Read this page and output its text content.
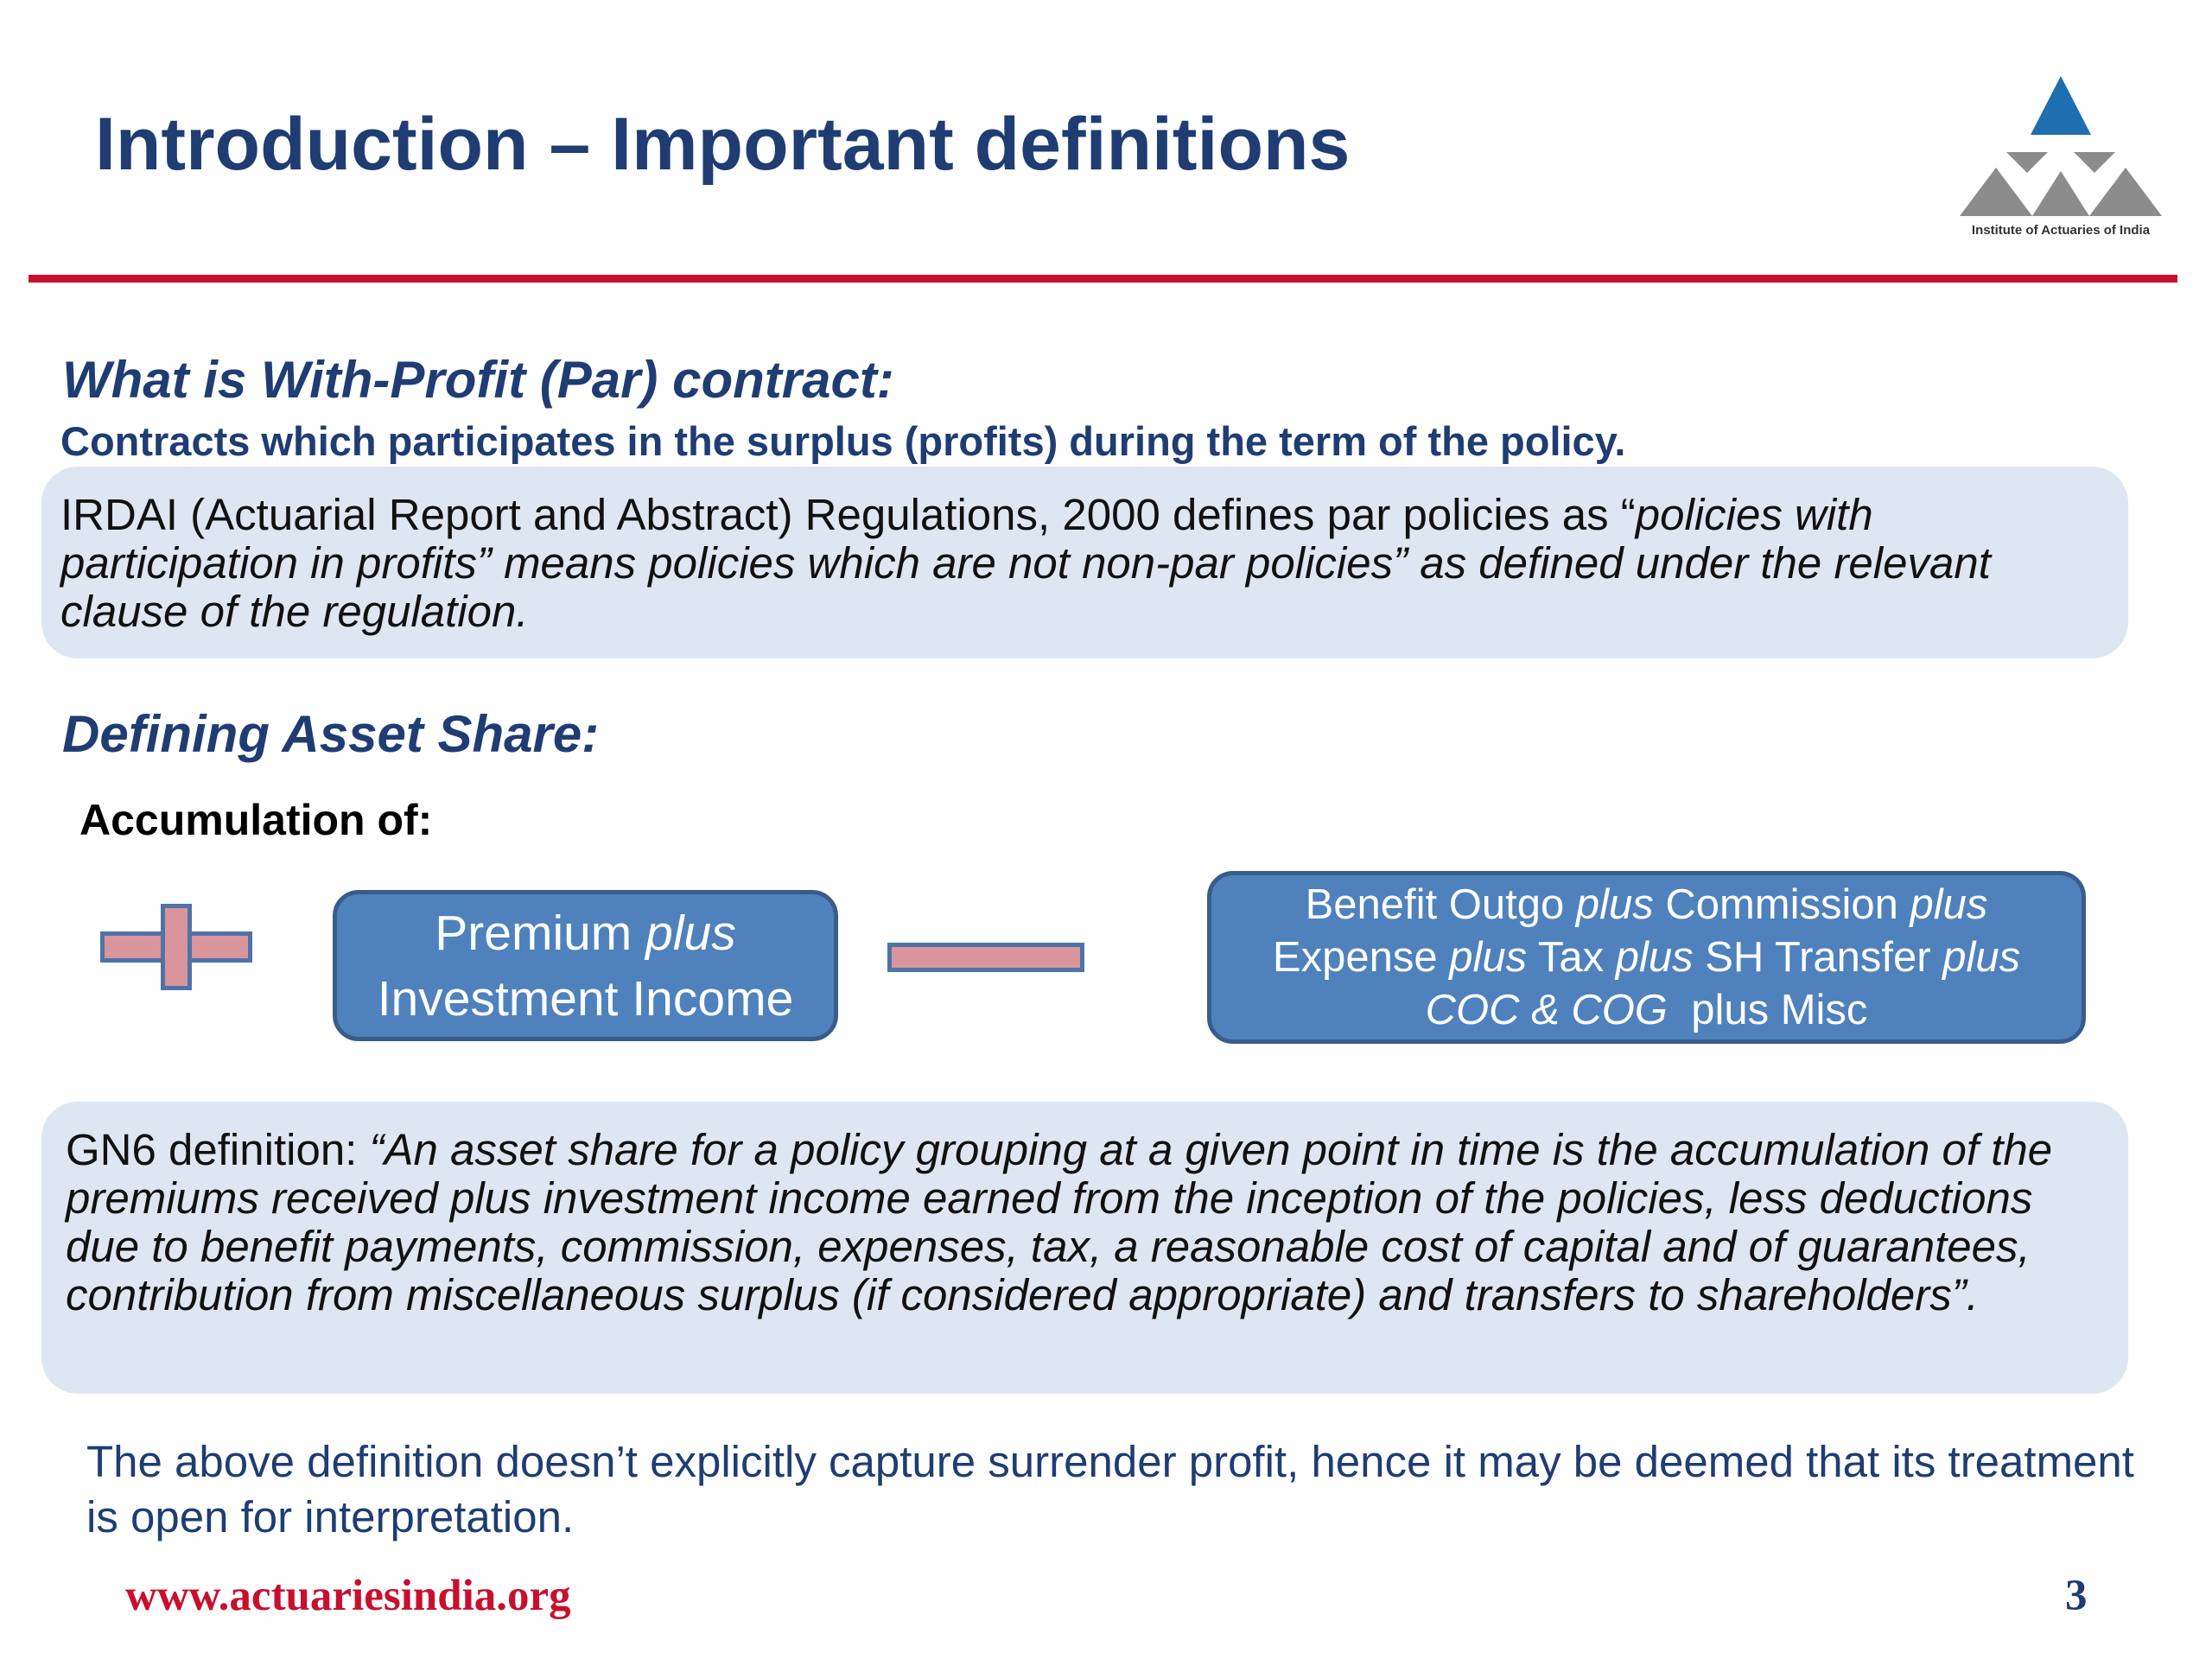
Introduction – Important definitions
Institute of Actuaries of India
What is With-Profit (Par) contract:
Contracts which participates in the surplus (profits) during the term of the policy.

IRDAI (Actuarial Report and Abstract) Regulations, 2000 defines par policies as “policies with participation in profits” means policies which are not non-par policies” as defined under the relevant clause of the regulation.

Defining Asset Share:
Accumulation of:
Premium plus
Investment Income
Benefit Outgo plus Commission plus
Expense plus Tax plus SH Transfer plus
COC & COG  plus Misc

GN6 definition: “An asset share for a policy grouping at a given point in time is the accumulation of the premiums received plus investment income earned from the inception of the policies, less deductions due to benefit payments, commission, expenses, tax, a reasonable cost of capital and of guarantees, contribution from miscellaneous surplus (if considered appropriate) and transfers to shareholders”.

The above definition doesn’t explicitly capture surrender profit, hence it may be deemed that its treatment is open for interpretation.

www.actuariesindia.org	3
